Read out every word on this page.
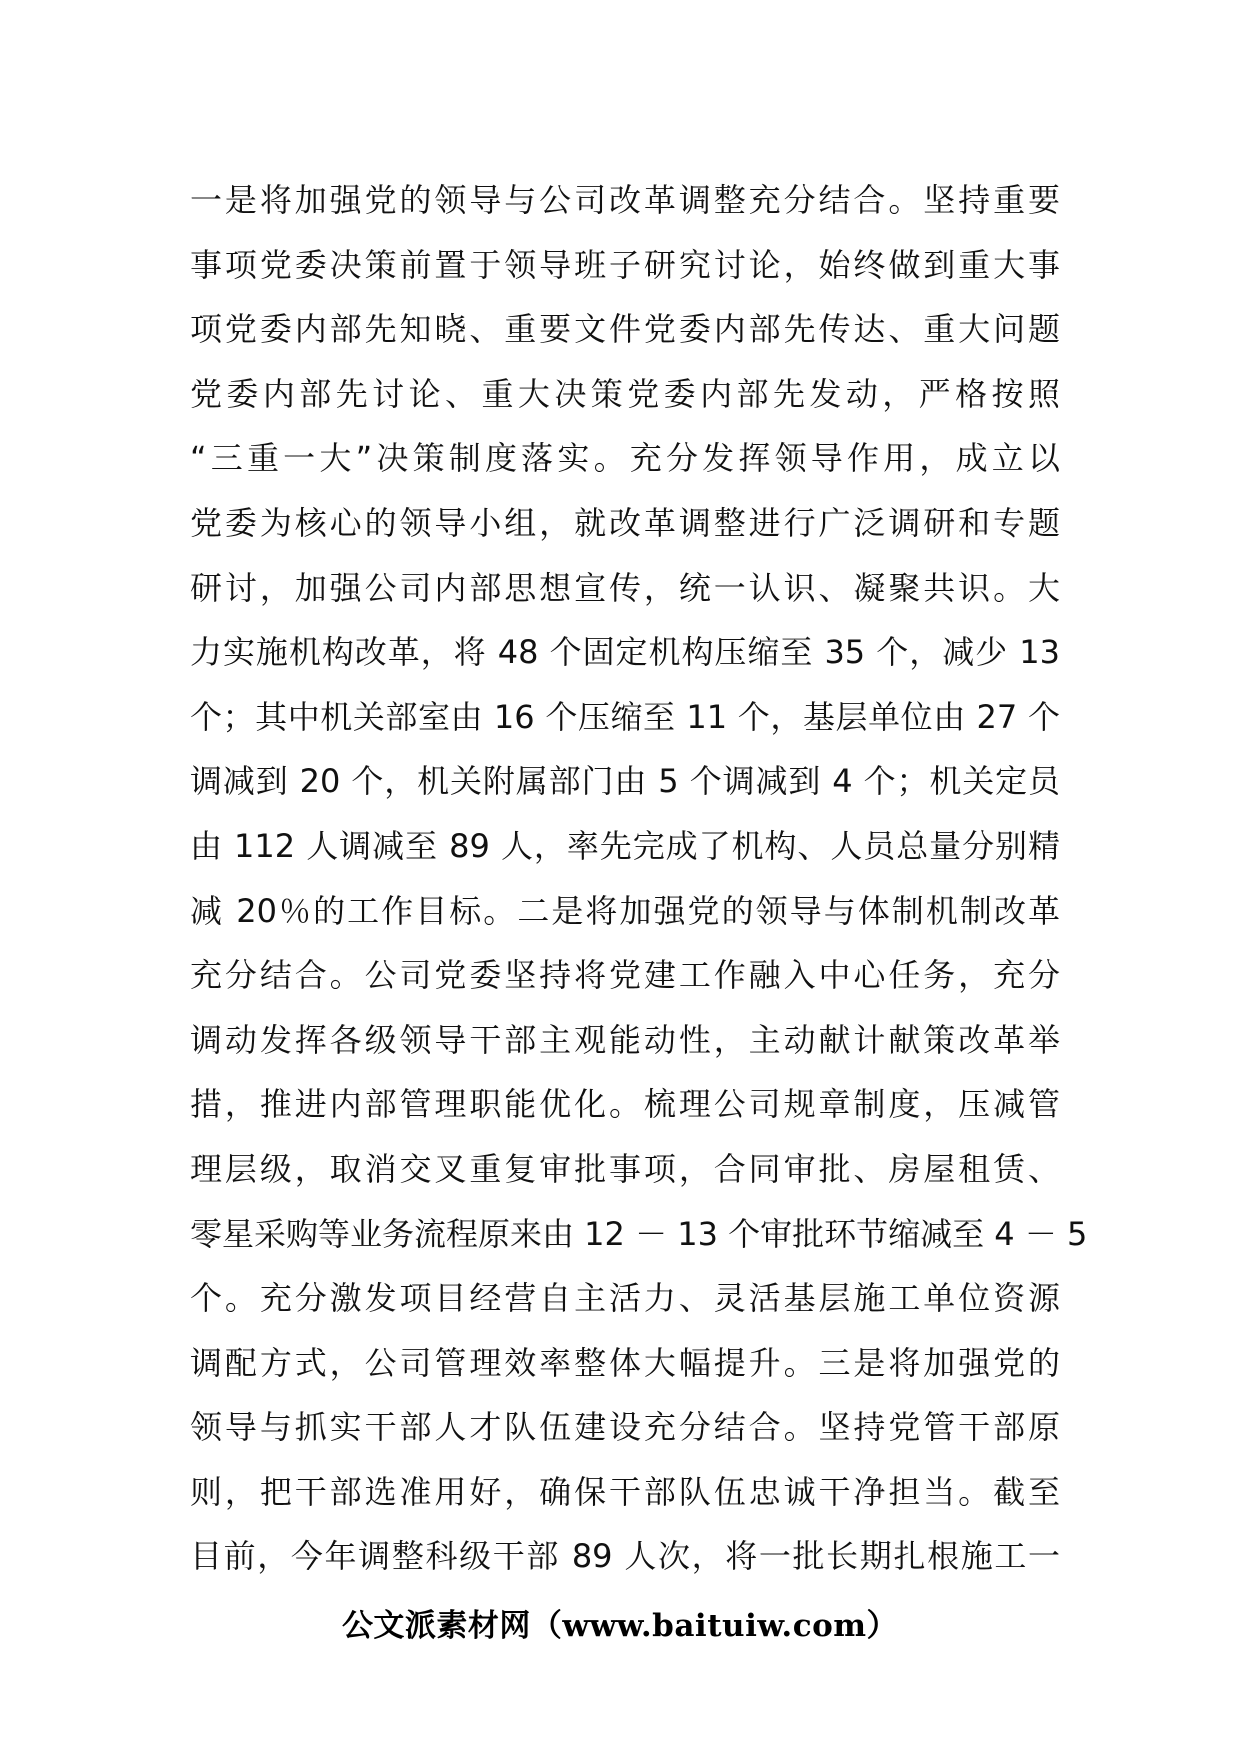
一是将加强党的领导与公司改革调整充分结合。坚持重要
事项党委决策前置于领导班子研究讨论，始终做到重大事
项党委内部先知晓、重要文件党委内部先传达、重大问题
党委内部先讨论、重大决策党委内部先发动，严格按照
“三重一大”决策制度落实。充分发挥领导作用，成立以
党委为核心的领导小组，就改革调整进行广泛调研和专题
研讨，加强公司内部思想宣传，统一认识、凝聚共识。大
力实施机构改革，将 48 个固定机构压缩至 35 个，减少 13
个；其中机关部室由 16 个压缩至 11 个，基层单位由 27 个
调减到 20 个，机关附属部门由 5 个调减到 4 个；机关定员
由 112 人调减至 89 人，率先完成了机构、人员总量分别精
减 20％的工作目标。二是将加强党的领导与体制机制改革
充分结合。公司党委坚持将党建工作融入中心任务，充分
调动发挥各级领导干部主观能动性，主动献计献策改革举
措，推进内部管理职能优化。梳理公司规章制度，压减管
理层级，取消交叉重复审批事项，合同审批、房屋租赁、
零星采购等业务流程原来由 12 － 13 个审批环节缩减至 4 － 5
个。充分激发项目经营自主活力、灵活基层施工单位资源
调配方式，公司管理效率整体大幅提升。三是将加强党的
领导与抓实干部人才队伍建设充分结合。坚持党管干部原
则，把干部选准用好，确保干部队伍忠诚干净担当。截至
目前，今年调整科级干部 89 人次，将一批长期扎根施工一
公文派素材网（www.baituiw.com）
